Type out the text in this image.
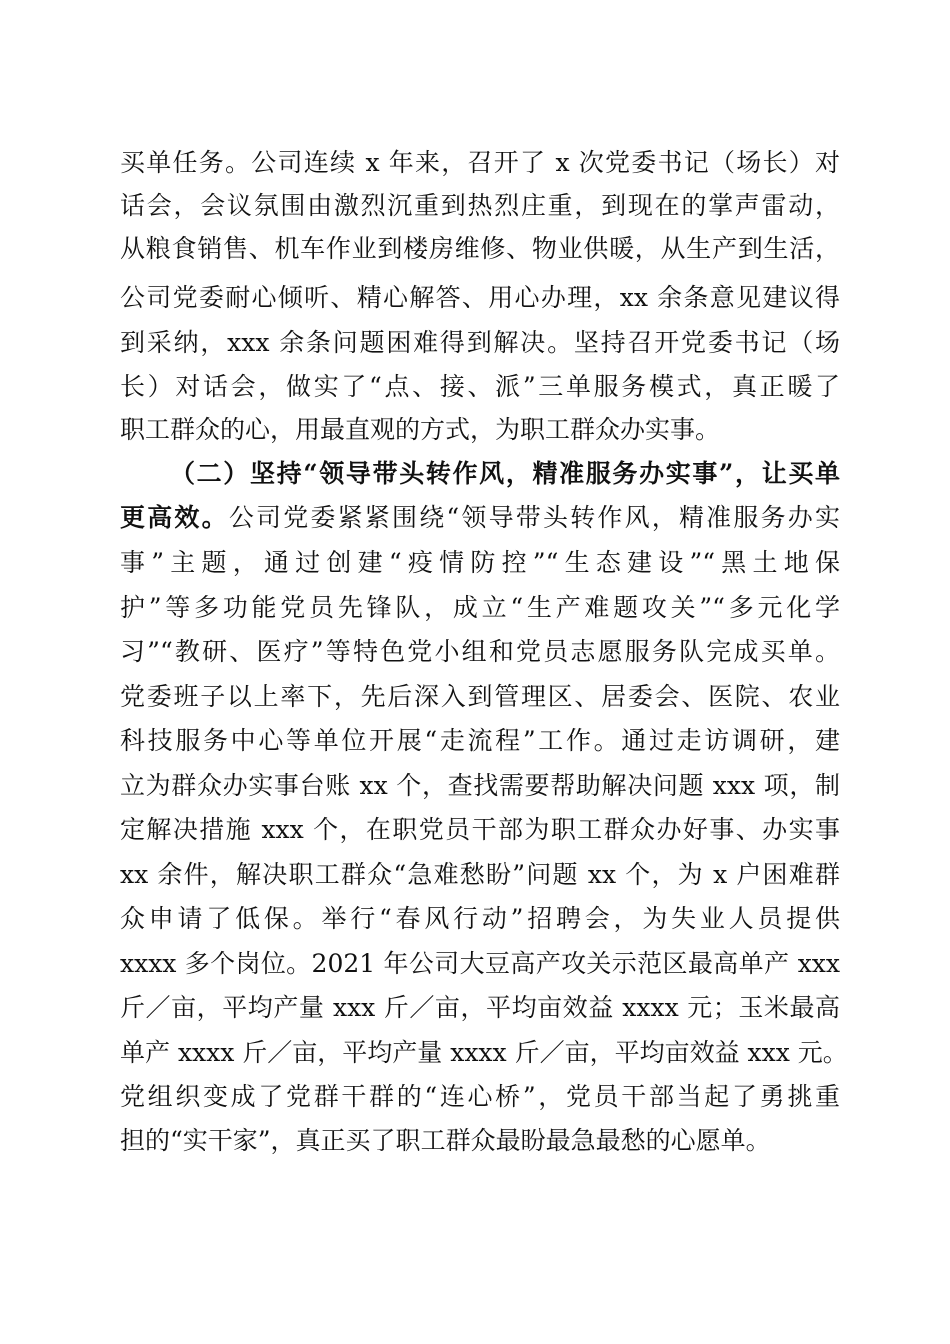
买单任务。公司连续 x 年来，召开了 x 次党委书记（场长）对
话会，会议氛围由激烈沉重到热烈庄重，到现在的掌声雷动，
从粮食销售、机车作业到楼房维修、物业供暖，从生产到生活，
公司党委耐心倾听、精心解答、用心办理，xx 余条意见建议得
到采纳，xxx 余条问题困难得到解决。坚持召开党委书记（场
长）对话会，做实了“点、接、派”三单服务模式，真正暖了
职工群众的心，用最直观的方式，为职工群众办实事。
（二）坚持“领导带头转作风，精准服务办实事”，让买单
更高效。公司党委紧紧围绕“领导带头转作风，精准服务办实
事”主题，通过创建“疫情防控”“生态建设”“黑土地保
护”等多功能党员先锋队，成立“生产难题攻关”“多元化学
习”“教研、医疗”等特色党小组和党员志愿服务队完成买单。
党委班子以上率下，先后深入到管理区、居委会、医院、农业
科技服务中心等单位开展“走流程”工作。通过走访调研，建
立为群众办实事台账 xx 个，查找需要帮助解决问题 xxx 项，制
定解决措施 xxx 个，在职党员干部为职工群众办好事、办实事
xx 余件，解决职工群众“急难愁盼”问题 xx 个，为 x 户困难群
众申请了低保。举行“春风行动”招聘会，为失业人员提供
xxxx 多个岗位。2021 年公司大豆高产攻关示范区最高单产 xxx
斤／亩，平均产量 xxx 斤／亩，平均亩效益 xxxx 元；玉米最高
单产 xxxx 斤／亩，平均产量 xxxx 斤／亩，平均亩效益 xxx 元。
党组织变成了党群干群的“连心桥”，党员干部当起了勇挑重
担的“实干家”，真正买了职工群众最盼最急最愁的心愿单。
